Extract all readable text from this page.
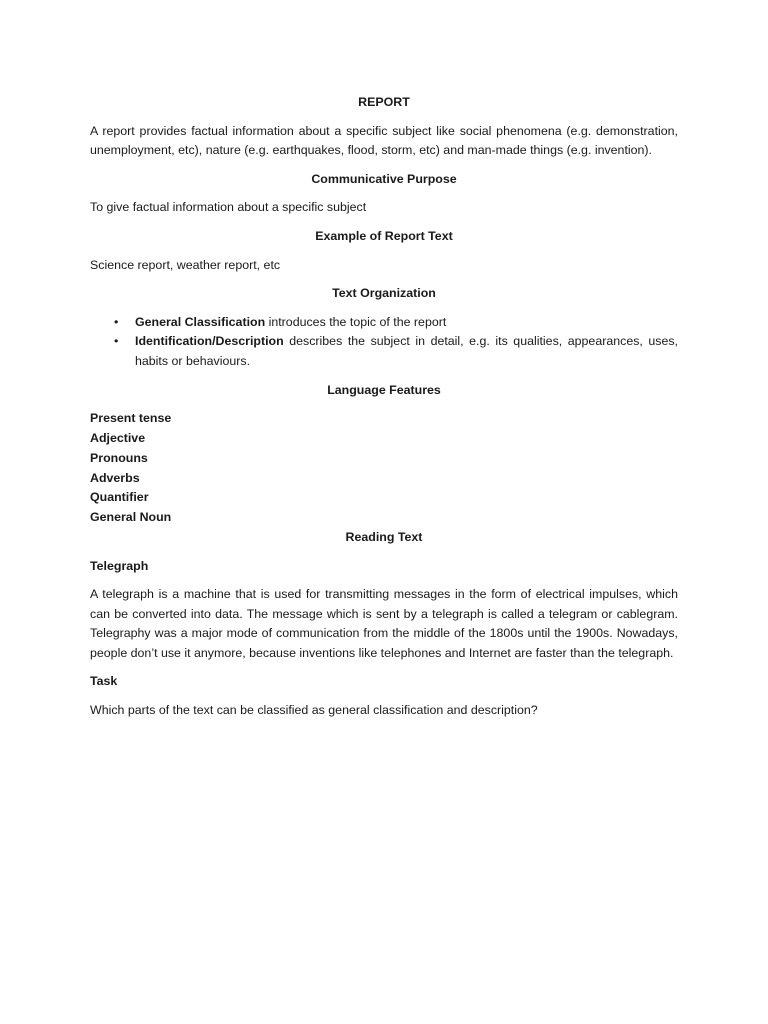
REPORT

A report provides factual information about a specific subject like social phenomena (e.g. demonstration, unemployment, etc), nature (e.g. earthquakes, flood, storm, etc) and man-made things (e.g. invention).

Communicative Purpose

To give factual information about a specific subject

Example of Report Text

Science report, weather report, etc

Text Organization

• General Classification introduces the topic of the report
• Identification/Description describes the subject in detail, e.g. its qualities, appearances, uses, habits or behaviours.

Language Features

Present tense
Adjective
Pronouns
Adverbs
Quantifier
General Noun

Reading Text

Telegraph

A telegraph is a machine that is used for transmitting messages in the form of electrical impulses, which can be converted into data. The message which is sent by a telegraph is called a telegram or cablegram. Telegraphy was a major mode of communication from the middle of the 1800s until the 1900s. Nowadays, people don’t use it anymore, because inventions like telephones and Internet are faster than the telegraph.

Task

Which parts of the text can be classified as general classification and description?
